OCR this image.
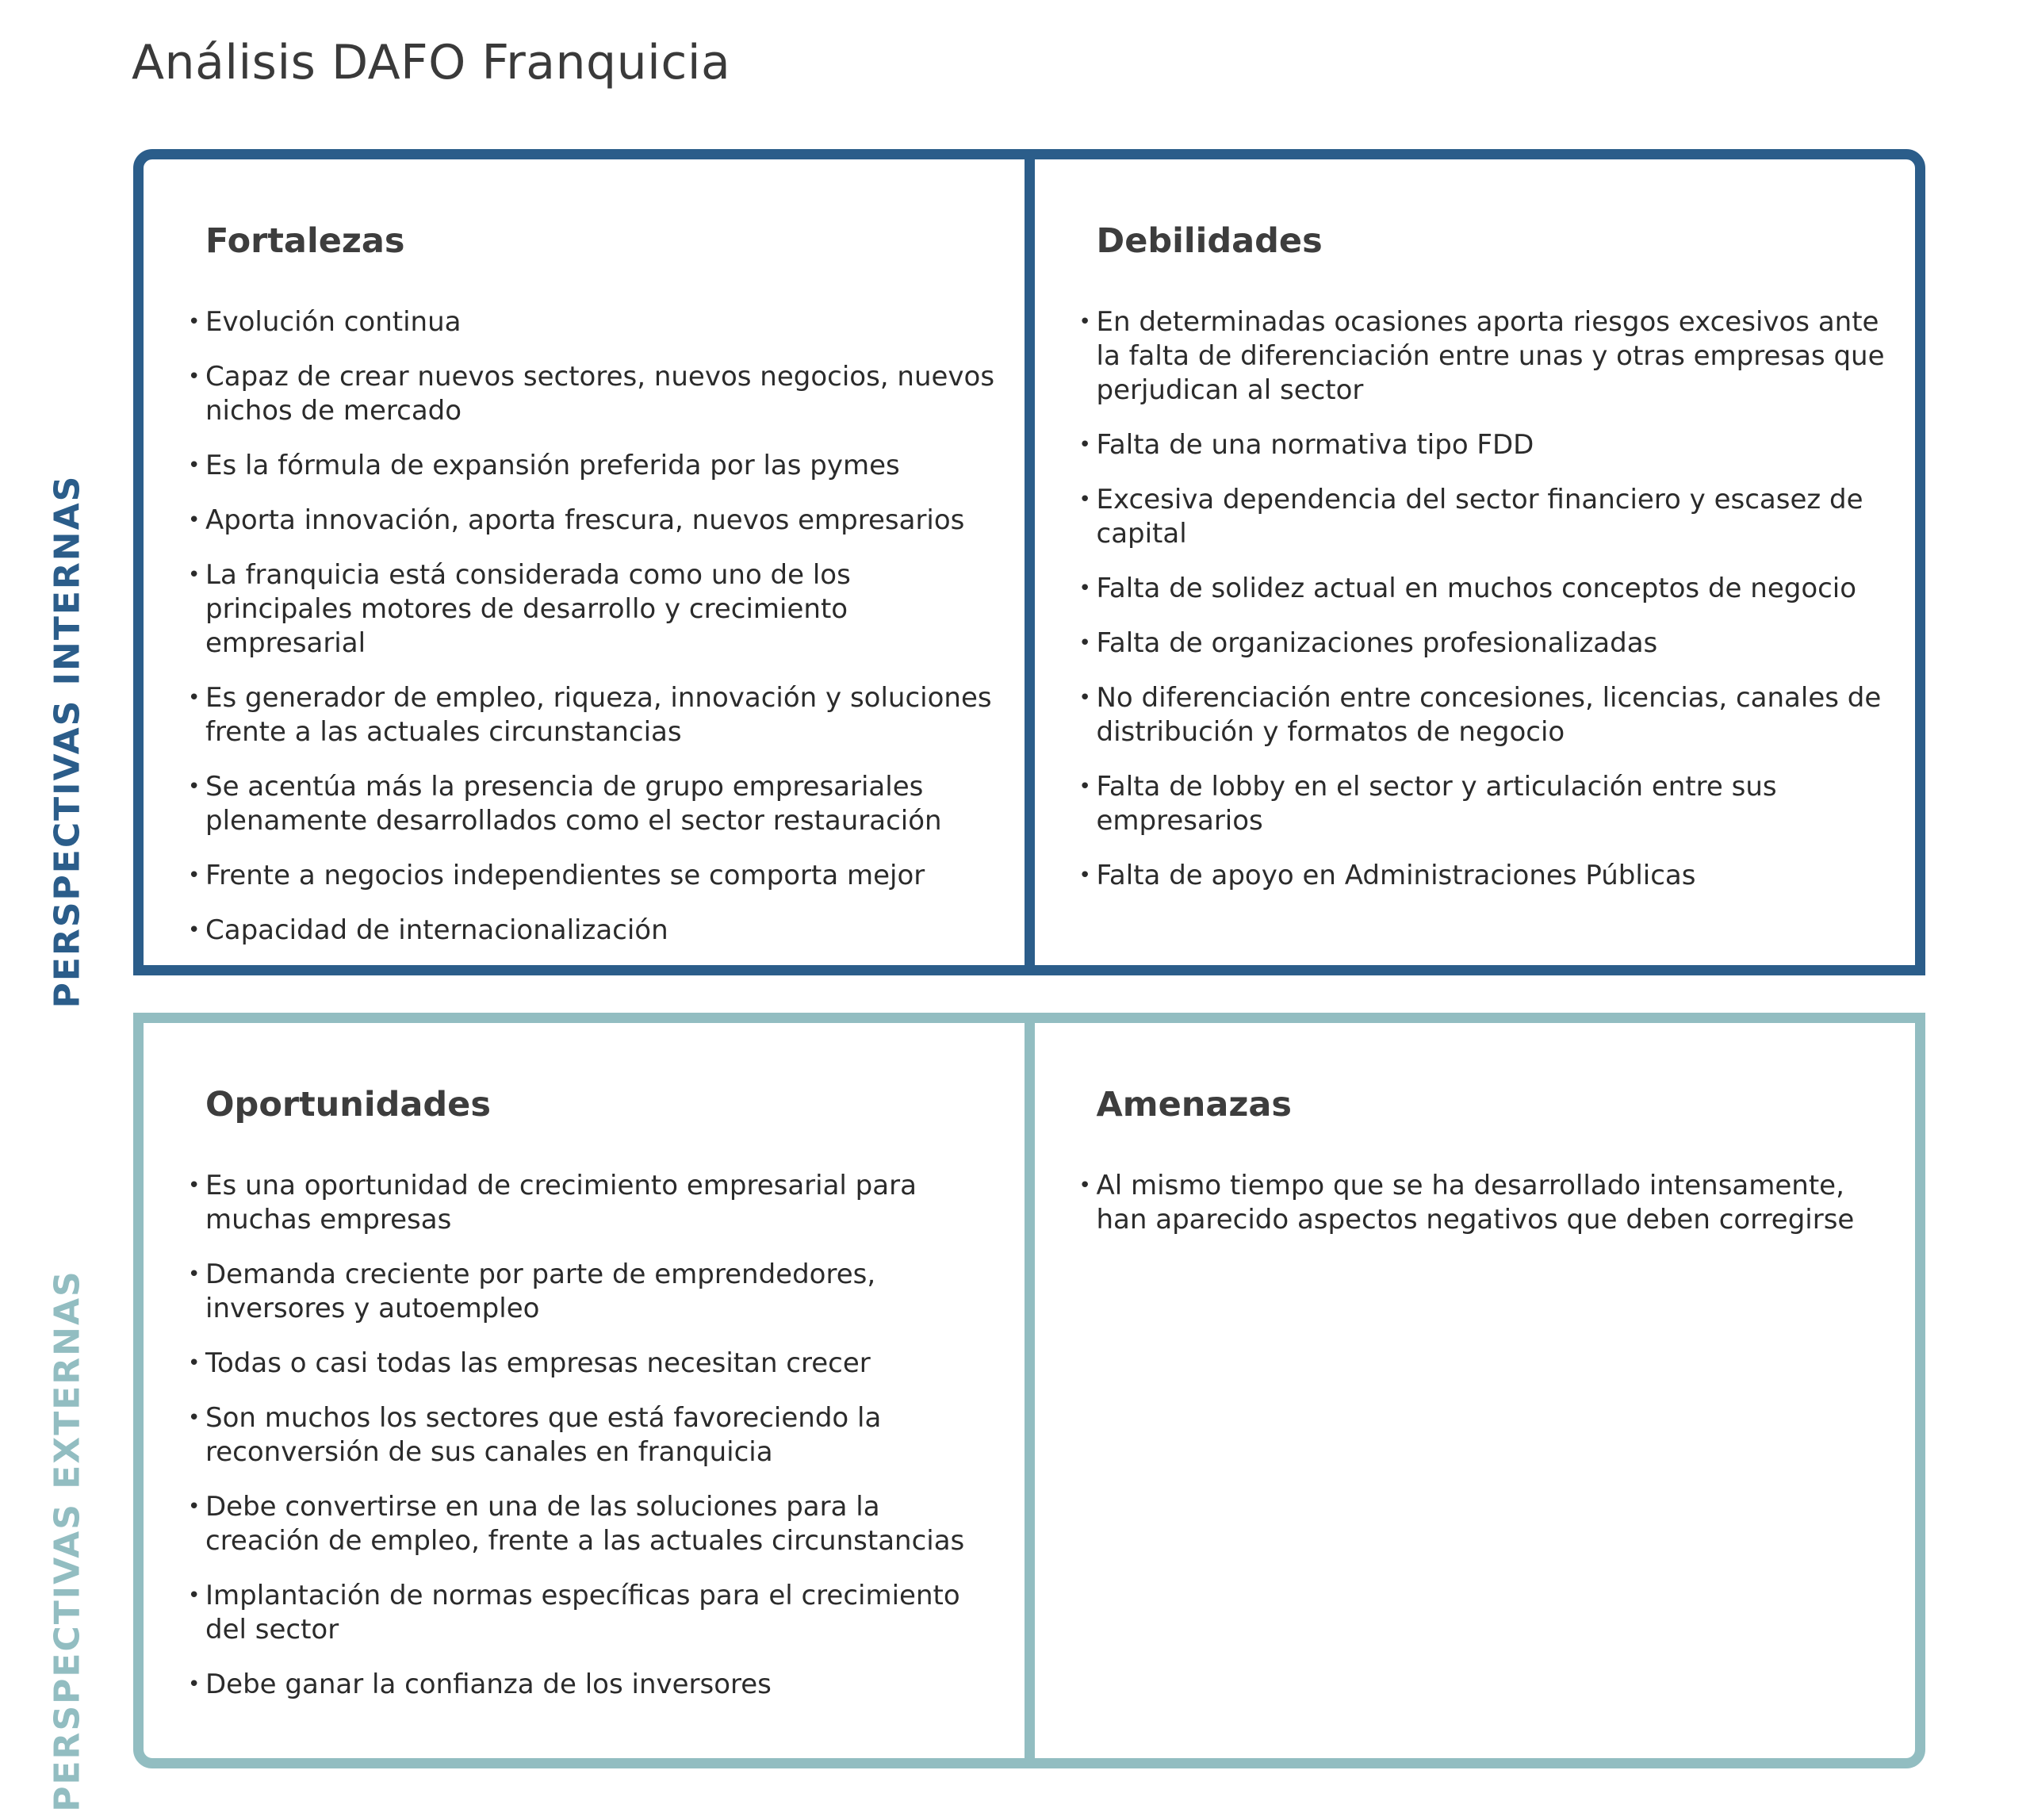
Análisis DAFO Franquicia
PERSPECTIVAS INTERNAS
PERSPECTIVAS EXTERNAS
Fortalezas
• Evolución continua
• Capaz de crear nuevos sectores, nuevos negocios, nuevos nichos de mercado
• Es la fórmula de expansión preferida por las pymes
• Aporta innovación, aporta frescura, nuevos empresarios
• La franquicia está considerada como uno de los principales motores de desarrollo y crecimiento empresarial
• Es generador de empleo, riqueza, innovación y soluciones frente a las actuales circunstancias
• Se acentúa más la presencia de grupo empresariales plenamente desarrollados como el sector restauración
• Frente a negocios independientes se comporta mejor
• Capacidad de internacionalización
Debilidades
• En determinadas ocasiones aporta riesgos excesivos ante la falta de diferenciación entre unas y otras empresas que perjudican al sector
• Falta de una normativa tipo FDD
• Excesiva dependencia del sector financiero y escasez de capital
• Falta de solidez actual en muchos conceptos de negocio
• Falta de organizaciones profesionalizadas
• No diferenciación entre concesiones, licencias, canales de distribución y formatos de negocio
• Falta de lobby en el sector y articulación entre sus empresarios
• Falta de apoyo en Administraciones Públicas
Oportunidades
• Es una oportunidad de crecimiento empresarial para muchas empresas
• Demanda creciente por parte de emprendedores, inversores y autoempleo
• Todas o casi todas las empresas necesitan crecer
• Son muchos los sectores que está favoreciendo la reconversión de sus canales en franquicia
• Debe convertirse en una de las soluciones para la creación de empleo, frente a las actuales circunstancias
• Implantación de normas específicas para el crecimiento del sector
• Debe ganar la confianza de los inversores
Amenazas
• Al mismo tiempo que se ha desarrollado intensamente, han aparecido aspectos negativos que deben corregirse
